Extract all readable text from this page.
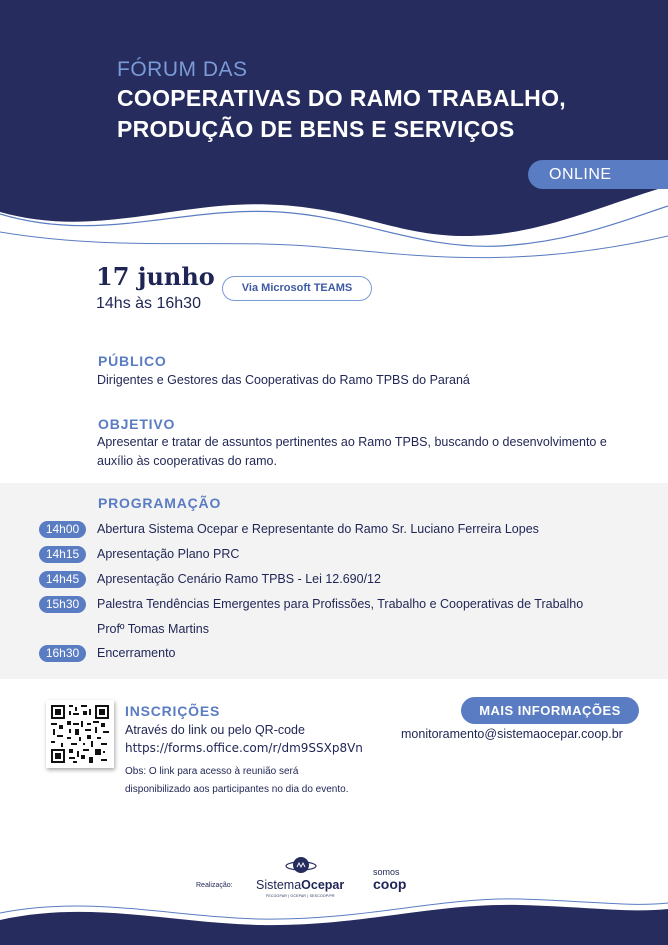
FÓRUM DAS
COOPERATIVAS DO RAMO TRABALHO,
PRODUÇÃO DE BENS E SERVIÇOS
ONLINE
17 junho
14hs às 16h30
Via Microsoft TEAMS
PÚBLICO
Dirigentes e Gestores das Cooperativas do Ramo TPBS do Paraná
OBJETIVO
Apresentar e tratar de assuntos pertinentes ao Ramo TPBS, buscando o desenvolvimento e
auxílio às cooperativas do ramo.
PROGRAMAÇÃO
14h00	Abertura Sistema Ocepar e Representante do Ramo Sr. Luciano Ferreira Lopes
14h15	Apresentação Plano PRC
14h45	Apresentação Cenário Ramo TPBS - Lei 12.690/12
15h30	Palestra Tendências Emergentes para Profissões, Trabalho e Cooperativas de Trabalho
Profº Tomas Martins
16h30	Encerramento
INSCRIÇÕES
Através do link ou pelo QR-code
https://forms.office.com/r/dm9SSXp8Vn
Obs: O link para acesso à reunião será
disponibilizado aos participantes no dia do evento.
MAIS INFORMAÇÕES
monitoramento@sistemaocepar.coop.br
Realização: SistemaOcepar
FECOOPAR | OCEPAR | SESCOOP/PR
somos
coop
